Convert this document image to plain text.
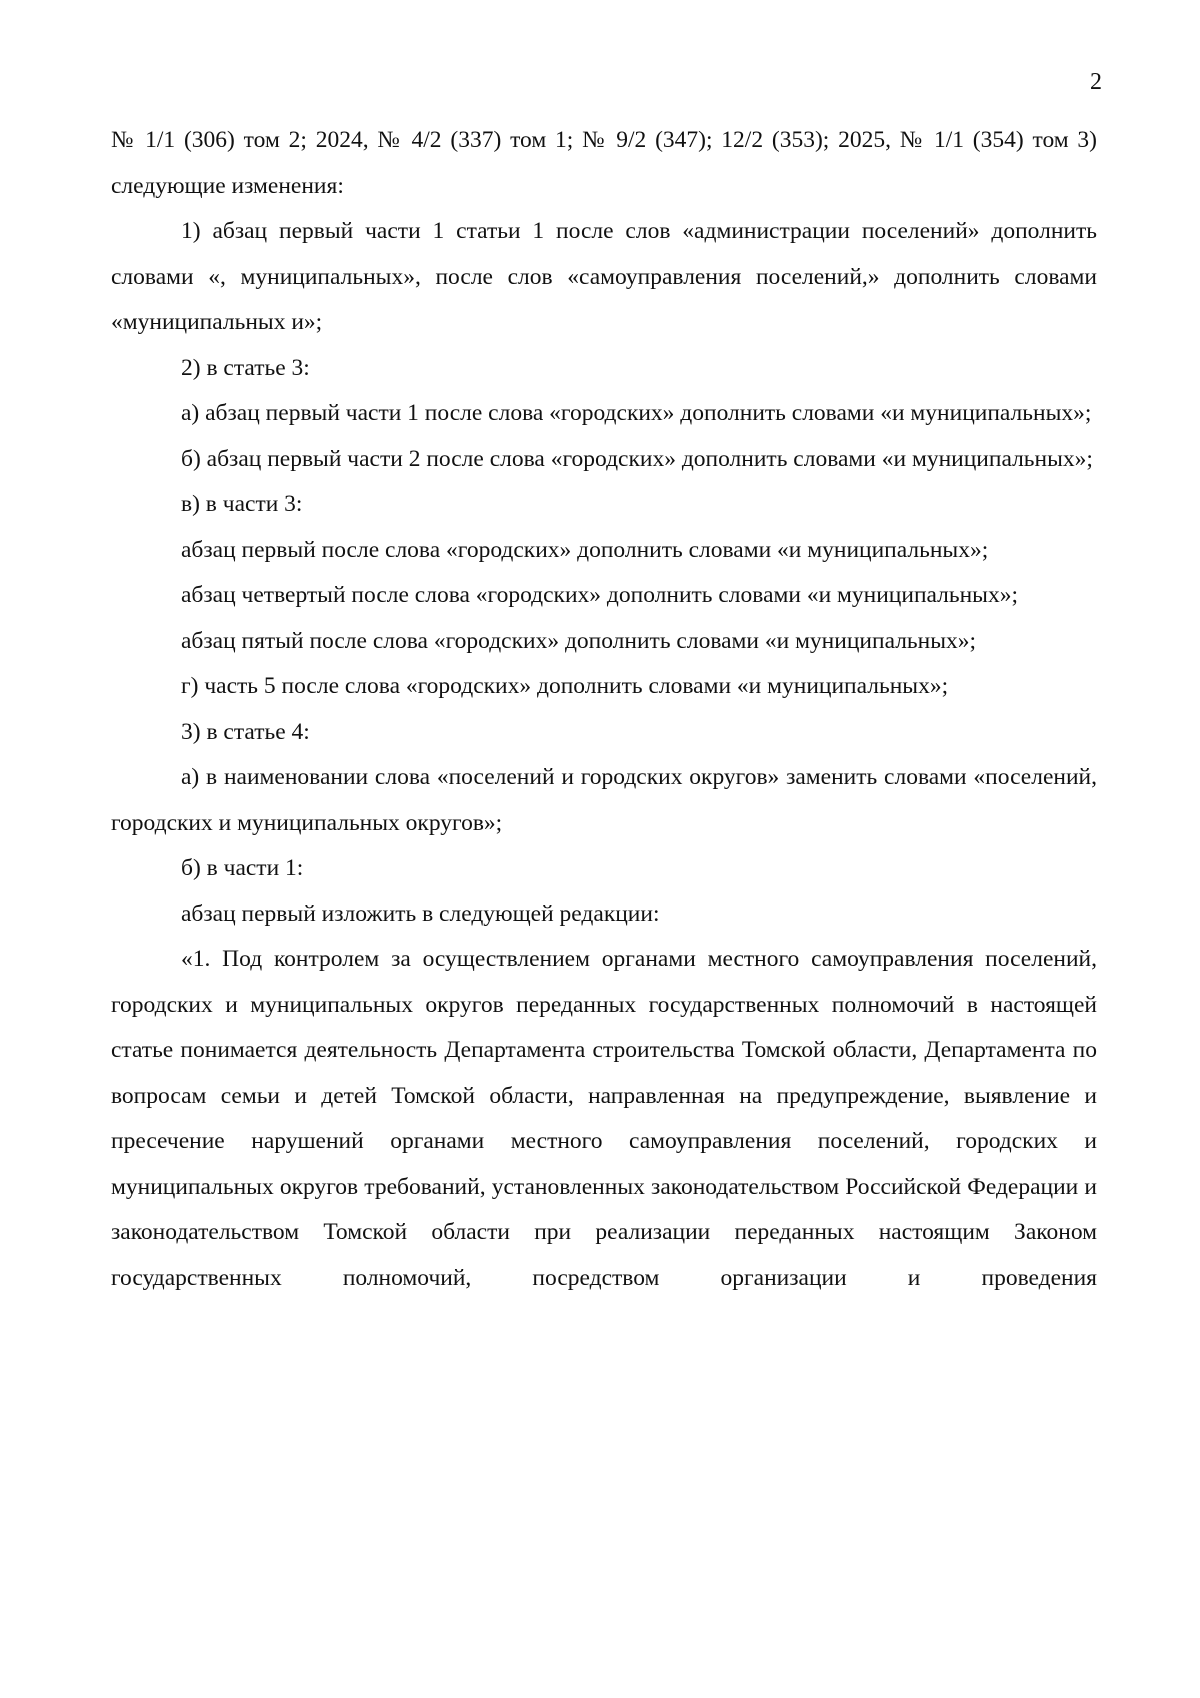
2

№ 1/1 (306) том 2; 2024, № 4/2 (337) том 1; № 9/2 (347); 12/2 (353); 2025, № 1/1 (354) том 3) следующие изменения:

1) абзац первый части 1 статьи 1 после слов «администрации поселений» дополнить словами «, муниципальных», после слов «самоуправления поселений,» дополнить словами «муниципальных и»;

2) в статье 3:

а) абзац первый части 1 после слова «городских» дополнить словами «и муниципальных»;

б) абзац первый части 2 после слова «городских» дополнить словами «и муниципальных»;

в) в части 3:

абзац первый после слова «городских» дополнить словами «и муниципальных»;

абзац четвертый после слова «городских» дополнить словами «и муниципальных»;

абзац пятый после слова «городских» дополнить словами «и муниципальных»;

г) часть 5 после слова «городских» дополнить словами «и муниципальных»;

3) в статье 4:

а) в наименовании слова «поселений и городских округов» заменить словами «поселений, городских и муниципальных округов»;

б) в части 1:

абзац первый изложить в следующей редакции:

«1. Под контролем за осуществлением органами местного самоуправления поселений, городских и муниципальных округов переданных государственных полномочий в настоящей статье понимается деятельность Департамента строительства Томской области, Департамента по вопросам семьи и детей Томской области, направленная на предупреждение, выявление и пресечение нарушений органами местного самоуправления поселений, городских и муниципальных округов требований, установленных законодательством Российской Федерации и законодательством Томской области при реализации переданных настоящим Законом государственных полномочий, посредством организации и проведения
